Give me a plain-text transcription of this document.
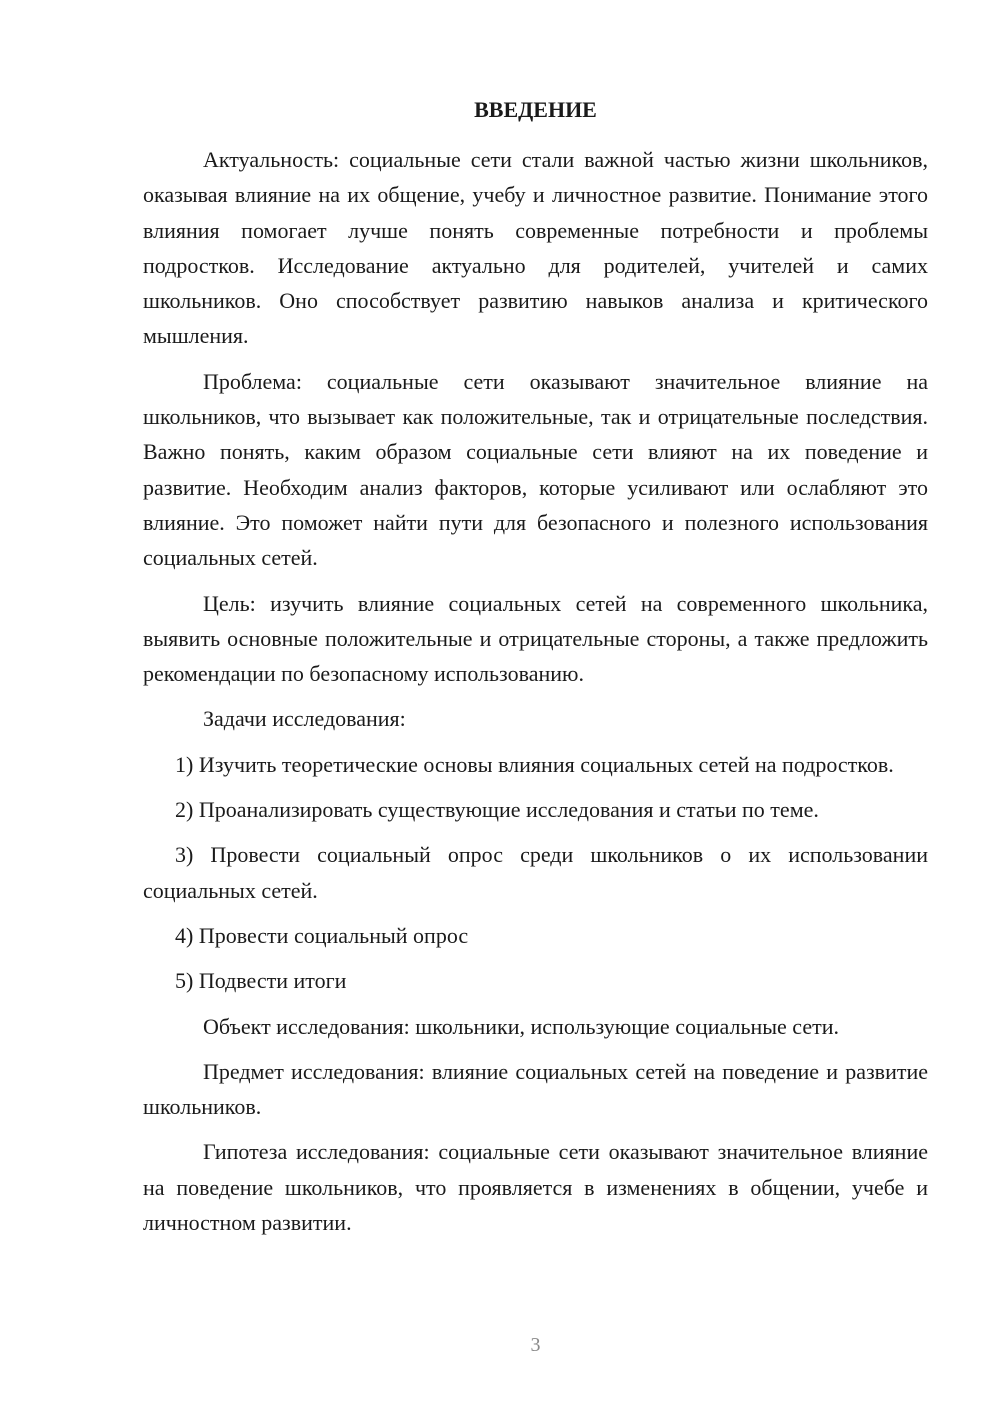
ВВЕДЕНИЕ

Актуальность: социальные сети стали важной частью жизни школьников, оказывая влияние на их общение, учебу и личностное развитие. Понимание этого влияния помогает лучше понять современные потребности и проблемы подростков. Исследование актуально для родителей, учителей и самих школьников. Оно способствует развитию навыков анализа и критического мышления.

Проблема: социальные сети оказывают значительное влияние на школьников, что вызывает как положительные, так и отрицательные последствия. Важно понять, каким образом социальные сети влияют на их поведение и развитие. Необходим анализ факторов, которые усиливают или ослабляют это влияние. Это поможет найти пути для безопасного и полезного использования социальных сетей.

Цель: изучить влияние социальных сетей на современного школьника, выявить основные положительные и отрицательные стороны, а также предложить рекомендации по безопасному использованию.

Задачи исследования:

1) Изучить теоретические основы влияния социальных сетей на подростков.

2) Проанализировать существующие исследования и статьи по теме.

3) Провести социальный опрос среди школьников о их использовании социальных сетей.

4) Провести социальный опрос

5) Подвести итоги

Объект исследования: школьники, использующие социальные сети.

Предмет исследования: влияние социальных сетей на поведение и развитие школьников.

Гипотеза исследования: социальные сети оказывают значительное влияние на поведение школьников, что проявляется в изменениях в общении, учебе и личностном развитии.

3
